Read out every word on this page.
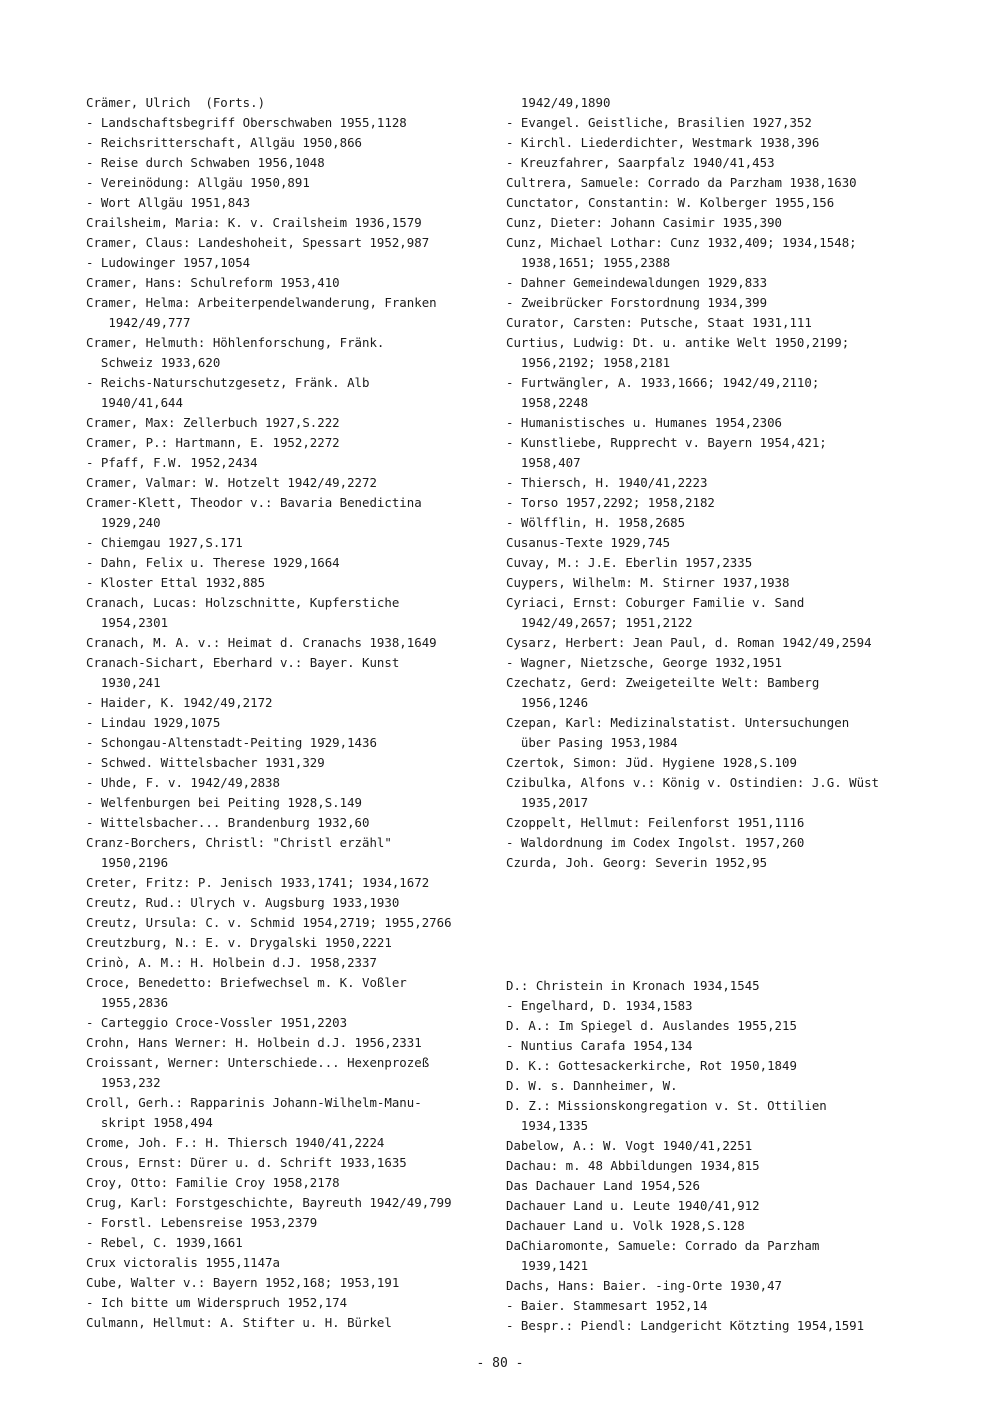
Crämer, Ulrich  (Forts.)
- Landschaftsbegriff Oberschwaben 1955,1128
- Reichsritterschaft, Allgäu 1950,866
- Reise durch Schwaben 1956,1048
- Vereinödung: Allgäu 1950,891
- Wort Allgäu 1951,843
Crailsheim, Maria: K. v. Crailsheim 1936,1579
Cramer, Claus: Landeshoheit, Spessart 1952,987
- Ludowinger 1957,1054
Cramer, Hans: Schulreform 1953,410
Cramer, Helma: Arbeiterpendelwanderung, Franken
1942/49,777
Cramer, Helmuth: Höhlenforschung, Fränk.
Schweiz 1933,620
- Reichs-Naturschutzgesetz, Fränk. Alb
1940/41,644
Cramer, Max: Zellerbuch 1927,S.222
Cramer, P.: Hartmann, E. 1952,2272
- Pfaff, F.W. 1952,2434
Cramer, Valmar: W. Hotzelt 1942/49,2272
Cramer-Klett, Theodor v.: Bavaria Benedictina
1929,240
- Chiemgau 1927,S.171
- Dahn, Felix u. Therese 1929,1664
- Kloster Ettal 1932,885
Cranach, Lucas: Holzschnitte, Kupferstiche
1954,2301
Cranach, M. A. v.: Heimat d. Cranachs 1938,1649
Cranach-Sichart, Eberhard v.: Bayer. Kunst
1930,241
- Haider, K. 1942/49,2172
- Lindau 1929,1075
- Schongau-Altenstadt-Peiting 1929,1436
- Schwed. Wittelsbacher 1931,329
- Uhde, F. v. 1942/49,2838
- Welfenburgen bei Peiting 1928,S.149
- Wittelsbacher... Brandenburg 1932,60
Cranz-Borchers, Christl: "Christl erzähl"
1950,2196
Creter, Fritz: P. Jenisch 1933,1741; 1934,1672
Creutz, Rud.: Ulrych v. Augsburg 1933,1930
Creutz, Ursula: C. v. Schmid 1954,2719; 1955,2766
Creutzburg, N.: E. v. Drygalski 1950,2221
Crinò, A. M.: H. Holbein d.J. 1958,2337
Croce, Benedetto: Briefwechsel m. K. Voßler
1955,2836
- Carteggio Croce-Vossler 1951,2203
Crohn, Hans Werner: H. Holbein d.J. 1956,2331
Croissant, Werner: Unterschiede... Hexenprozeß
1953,232
Croll, Gerh.: Rapparinis Johann-Wilhelm-Manu-
skript 1958,494
Crome, Joh. F.: H. Thiersch 1940/41,2224
Crous, Ernst: Dürer u. d. Schrift 1933,1635
Croy, Otto: Familie Croy 1958,2178
Crug, Karl: Forstgeschichte, Bayreuth 1942/49,799
- Forstl. Lebensreise 1953,2379
- Rebel, C. 1939,1661
Crux victoralis 1955,1147a
Cube, Walter v.: Bayern 1952,168; 1953,191
- Ich bitte um Widerspruch 1952,174
Culmann, Hellmut: A. Stifter u. H. Bürkel
1942/49,1890
- Evangel. Geistliche, Brasilien 1927,352
- Kirchl. Liederdichter, Westmark 1938,396
- Kreuzfahrer, Saarpfalz 1940/41,453
Cultrera, Samuele: Corrado da Parzham 1938,1630
Cunctator, Constantin: W. Kolberger 1955,156
Cunz, Dieter: Johann Casimir 1935,390
Cunz, Michael Lothar: Cunz 1932,409; 1934,1548;
1938,1651; 1955,2388
- Dahner Gemeindewaldungen 1929,833
- Zweibrücker Forstordnung 1934,399
Curator, Carsten: Putsche, Staat 1931,111
Curtius, Ludwig: Dt. u. antike Welt 1950,2199;
1956,2192; 1958,2181
- Furtwängler, A. 1933,1666; 1942/49,2110;
1958,2248
- Humanistisches u. Humanes 1954,2306
- Kunstliebe, Rupprecht v. Bayern 1954,421;
1958,407
- Thiersch, H. 1940/41,2223
- Torso 1957,2292; 1958,2182
- Wölfflin, H. 1958,2685
Cusanus-Texte 1929,745
Cuvay, M.: J.E. Eberlin 1957,2335
Cuypers, Wilhelm: M. Stirner 1937,1938
Cyriaci, Ernst: Coburger Familie v. Sand
1942/49,2657; 1951,2122
Cysarz, Herbert: Jean Paul, d. Roman 1942/49,2594
- Wagner, Nietzsche, George 1932,1951
Czechatz, Gerd: Zweigeteilte Welt: Bamberg
1956,1246
Czepan, Karl: Medizinalstatist. Untersuchungen
über Pasing 1953,1984
Czertok, Simon: Jüd. Hygiene 1928,S.109
Czibulka, Alfons v.: König v. Ostindien: J.G. Wüst
1935,2017
Czoppelt, Hellmut: Feilenforst 1951,1116
- Waldordnung im Codex Ingolst. 1957,260
Czurda, Joh. Georg: Severin 1952,95
D.: Christein in Kronach 1934,1545
- Engelhard, D. 1934,1583
D. A.: Im Spiegel d. Auslandes 1955,215
- Nuntius Carafa 1954,134
D. K.: Gottesackerkirche, Rot 1950,1849
D. W. s. Dannheimer, W.
D. Z.: Missionskongregation v. St. Ottilien
1934,1335
Dabelow, A.: W. Vogt 1940/41,2251
Dachau: m. 48 Abbildungen 1934,815
Das Dachauer Land 1954,526
Dachauer Land u. Leute 1940/41,912
Dachauer Land u. Volk 1928,S.128
DaChiaromonte, Samuele: Corrado da Parzham
1939,1421
Dachs, Hans: Baier. -ing-Orte 1930,47
- Baier. Stammesart 1952,14
- Bespr.: Piendl: Landgericht Kötzting 1954,1591
- 80 -
